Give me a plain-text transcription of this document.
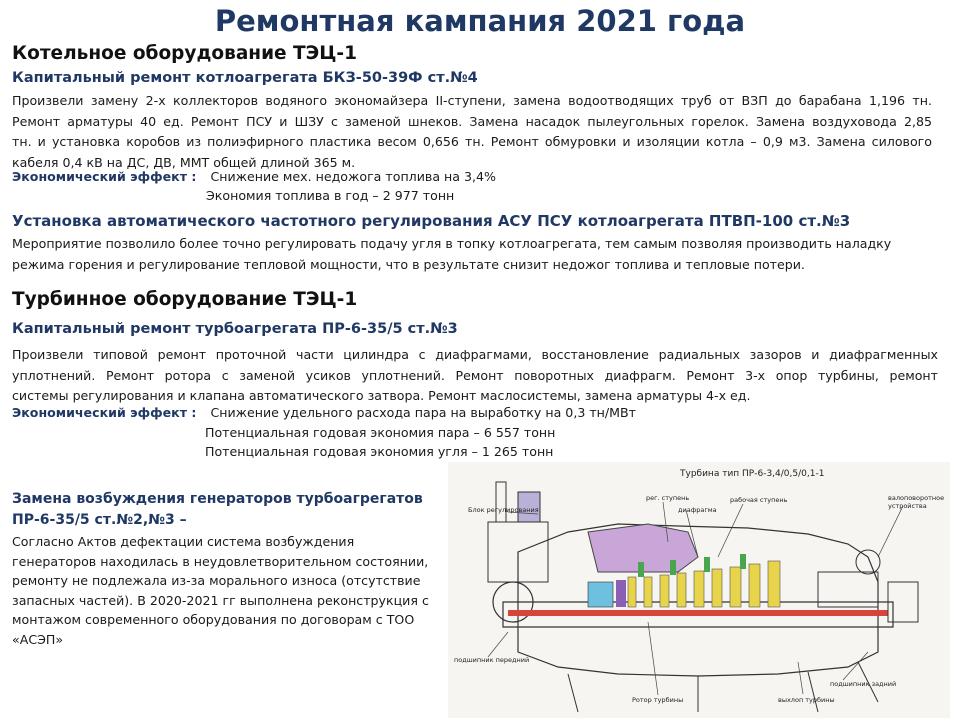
Ремонтная кампания 2021 года
Котельное оборудование ТЭЦ-1
Капитальный ремонт котлоагрегата БКЗ-50-39Ф ст.№4
Произвели замену 2-х коллекторов водяного экономайзера II-ступени, замена водоотводящих труб от ВЗП до барабана 1,196 тн.
Ремонт арматуры 40 ед. Ремонт ПСУ и ШЗУ с заменой шнеков. Замена насадок пылеугольных горелок. Замена воздуховода 2,85
тн. и установка коробов из полиэфирного пластика весом 0,656 тн. Ремонт обмуровки и изоляции котла – 0,9 м3. Замена силового
кабеля 0,4 кВ на ДС, ДВ, ММТ общей длиной 365 м.
Экономический эффект : Снижение мех. недожога топлива на 3,4%
Экономия топлива в год – 2 977 тонн
Установка автоматического частотного регулирования АСУ ПСУ котлоагрегата ПТВП-100 ст.№3
Мероприятие позволило более точно регулировать подачу угля в топку котлоагрегата, тем самым позволяя производить наладку
режима горения и регулирование тепловой мощности, что в результате снизит недожог топлива и тепловые потери.
Турбинное оборудование ТЭЦ-1
Капитальный ремонт турбоагрегата ПР-6-35/5 ст.№3
Произвели типовой ремонт проточной части цилиндра с диафрагмами, восстановление радиальных зазоров и диафрагменных
уплотнений. Ремонт ротора с заменой усиков уплотнений. Ремонт поворотных диафрагм. Ремонт 3-х опор турбины, ремонт
системы регулирования и клапана автоматического затвора. Ремонт маслосистемы, замена арматуры 4-х ед.
Экономический эффект : Снижение удельного расхода пара на выработку на 0,3 тн/МВт
Потенциальная годовая экономия пара – 6 557 тонн
Потенциальная годовая экономия угля – 1 265 тонн
Замена возбуждения генераторов турбоагрегатов
ПР-6-35/5 ст.№2,№3 –
Согласно Актов дефектации система возбуждения
генераторов находилась в неудовлетворительном состоянии,
ремонту не подлежала из-за морального износа (отсутствие
запасных частей). В 2020-2021 гг выполнена реконструкция с
монтажом современного оборудования по договорам с ТОО
«АСЭП»
Турбина тип ПР-6-3,4/0,5/0,1-1
Блок регулирования
рег. ступень	рабочая ступень
диафрагма
валоповоротное
устройства
подшипник передний
Ротор турбины
подшипник задний
выхлоп турбины
